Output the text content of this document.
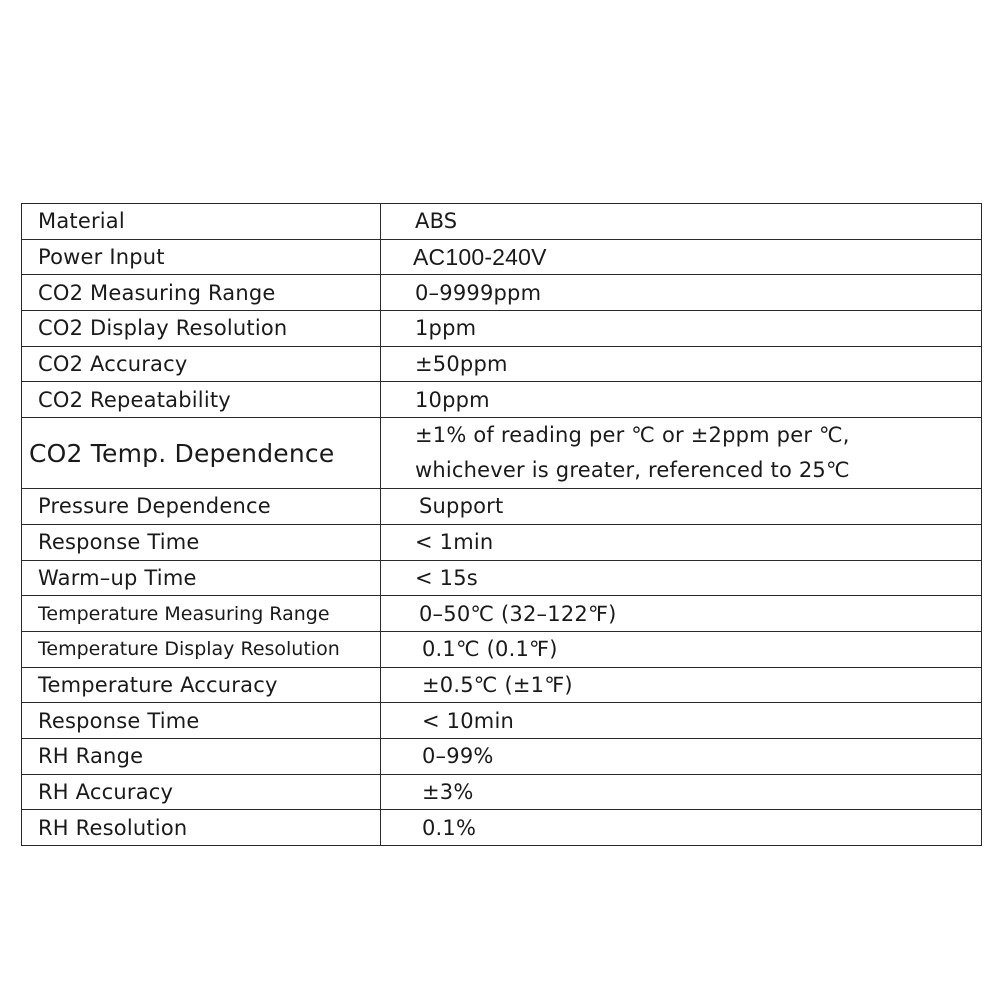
Material	ABS
Power Input	AC100-240V
CO2 Measuring Range	0–9999ppm
CO2 Display Resolution	1ppm
CO2 Accuracy	±50ppm
CO2 Repeatability	10ppm
CO2 Temp. Dependence	±1% of reading per ℃ or ±2ppm per ℃,
whichever is greater, referenced to 25℃

Pressure Dependence	Support
Response Time	< 1min
Warm–up Time	< 15s
Temperature Measuring Range	0–50℃ (32–122℉)
Temperature Display Resolution	0.1℃ (0.1℉)
Temperature Accuracy	±0.5℃ (±1℉)
Response Time	< 10min
RH Range	0–99%
RH Accuracy	±3%
RH Resolution	0.1%
